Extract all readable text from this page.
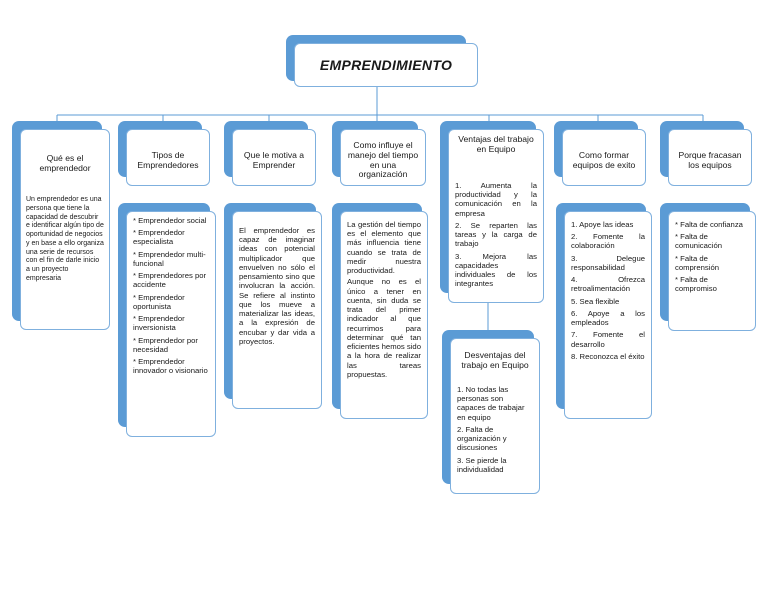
EMPRENDIMIENTO
Qué es el emprendedor
Un emprendedor es una persona que tiene la capacidad de descubrir e identificar algún tipo de oportunidad de negocios y en base a ello organiza una serie de recursos con el fin de darle inicio a un proyecto empresaria
Tipos de Emprendedores
* Emprendedor social
* Emprendedor especialista
* Emprendedor multi-funcional
* Emprendedores por accidente
* Emprendedor oportunista
* Emprendedor inversionista
* Emprendedor por necesidad
* Emprendedor innovador o visionario
Que le motiva a Emprender
El emprendedor es capaz de imaginar ideas con potencial multiplicador que envuelven no sólo el pensamiento sino que involucran la acción. Se refiere al instinto que los mueve a materializar las ideas, a la expresión de encubar y dar vida a proyectos.
Como influye el manejo del tiempo en una organización

La gestión del tiempo es el elemento que más influencia tiene cuando se trata de medir nuestra productividad.

Aunque no es el único a tener en cuenta, sin duda se trata del primer indicador al que recurrimos para determinar qué tan eficientes hemos sido a la hora de realizar las tareas propuestas.

Ventajas del trabajo en Equipo
1. Aumenta la productividad y la comunicación en la empresa
2. Se reparten las tareas y la carga de trabajo
3. Mejora las capacidades individuales de los integrantes
Desventajas del trabajo en Equipo
1. No todas las personas son capaces de trabajar en equipo
2. Falta de organización y discusiones
3. Se pierde la individualidad
Como formar equipos de exito
1. Apoye las ideas
2. Fomente la colaboración
3. Delegue responsabilidad
4. Ofrezca retroalimentación
5. Sea flexible
6. Apoye a los empleados
7. Fomente el desarrollo
8. Reconozca el éxito
Porque fracasan los equipos
* Falta de confianza
* Falta de comunicación
* Falta de comprensión
* Falta de compromiso
